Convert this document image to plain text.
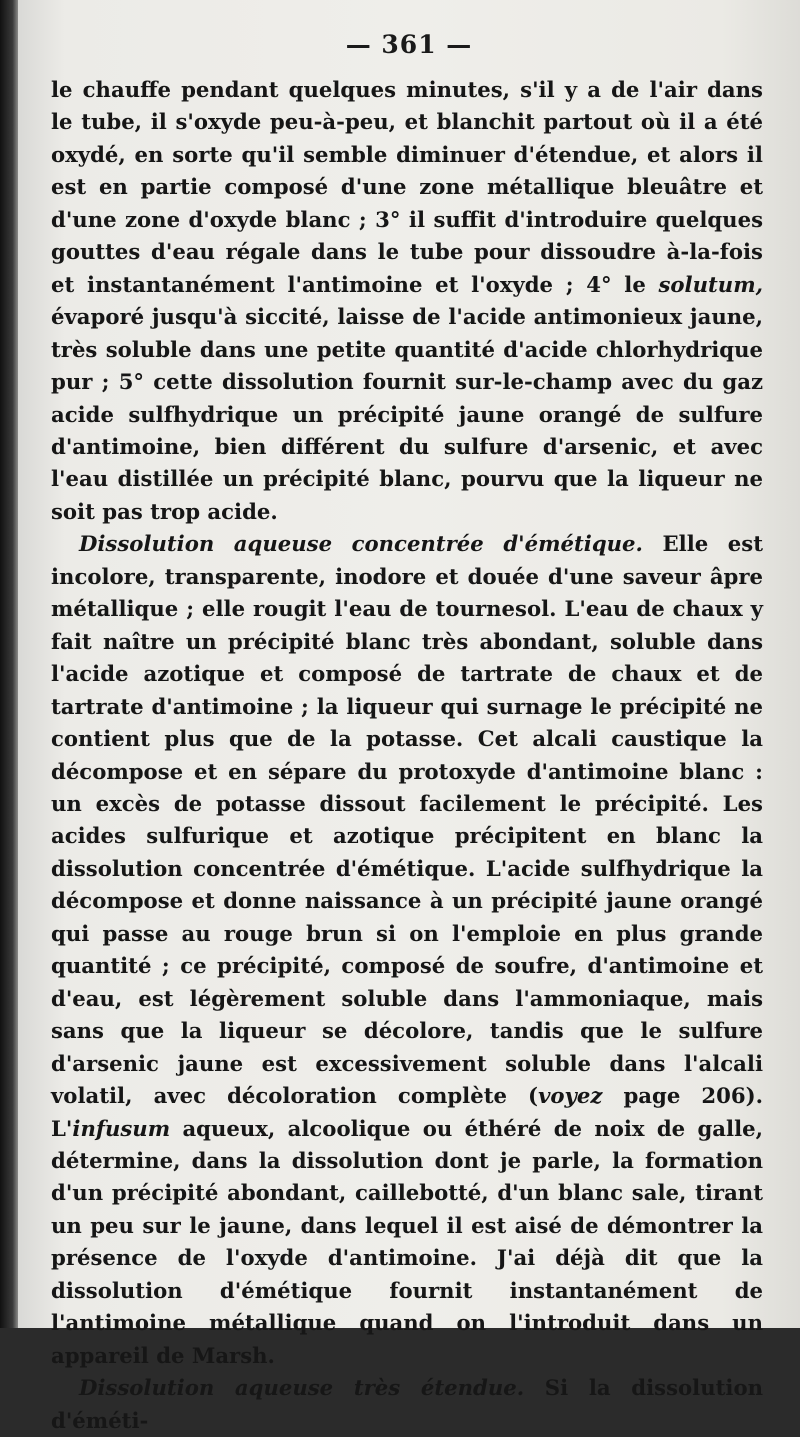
— 361 —

le chauffe pendant quelques minutes, s'il y a de l'air dans le tube, il s'oxyde peu-à-peu, et blanchit partout où il a été oxydé, en sorte qu'il semble diminuer d'étendue, et alors il est en partie composé d'une zone métallique bleuâtre et d'une zone d'oxyde blanc ; 3° il suffit d'introduire quelques gouttes d'eau régale dans le tube pour dissoudre à-la-fois et instantanément l'antimoine et l'oxyde ; 4° le solutum, évaporé jusqu'à siccité, laisse de l'acide antimonieux jaune, très soluble dans une petite quantité d'acide chlorhydrique pur ; 5° cette dissolution fournit sur-le-champ avec du gaz acide sulfhydrique un précipité jaune orangé de sulfure d'antimoine, bien différent du sulfure d'arsenic, et avec l'eau distillée un précipité blanc, pourvu que la liqueur ne soit pas trop acide.

Dissolution aqueuse concentrée d'émétique. Elle est incolore, transparente, inodore et douée d'une saveur âpre métallique ; elle rougit l'eau de tournesol. L'eau de chaux y fait naître un précipité blanc très abondant, soluble dans l'acide azotique et composé de tartrate de chaux et de tartrate d'antimoine ; la liqueur qui surnage le précipité ne contient plus que de la potasse. Cet alcali caustique la décompose et en sépare du protoxyde d'antimoine blanc : un excès de potasse dissout facilement le précipité. Les acides sulfurique et azotique précipitent en blanc la dissolution concentrée d'émétique. L'acide sulfhydrique la décompose et donne naissance à un précipité jaune orangé qui passe au rouge brun si on l'emploie en plus grande quantité ; ce précipité, composé de soufre, d'antimoine et d'eau, est légèrement soluble dans l'ammoniaque, mais sans que la liqueur se décolore, tandis que le sulfure d'arsenic jaune est excessivement soluble dans l'alcali volatil, avec décoloration complète (voyez page 206). L'infusum aqueux, alcoolique ou éthéré de noix de galle, détermine, dans la dissolution dont je parle, la formation d'un précipité abondant, caillebotté, d'un blanc sale, tirant un peu sur le jaune, dans lequel il est aisé de démontrer la présence de l'oxyde d'antimoine. J'ai déjà dit que la dissolution d'émétique fournit instantanément de l'antimoine métallique quand on l'introduit dans un appareil de Marsh.

Dissolution aqueuse très étendue. Si la dissolution d'éméti-
